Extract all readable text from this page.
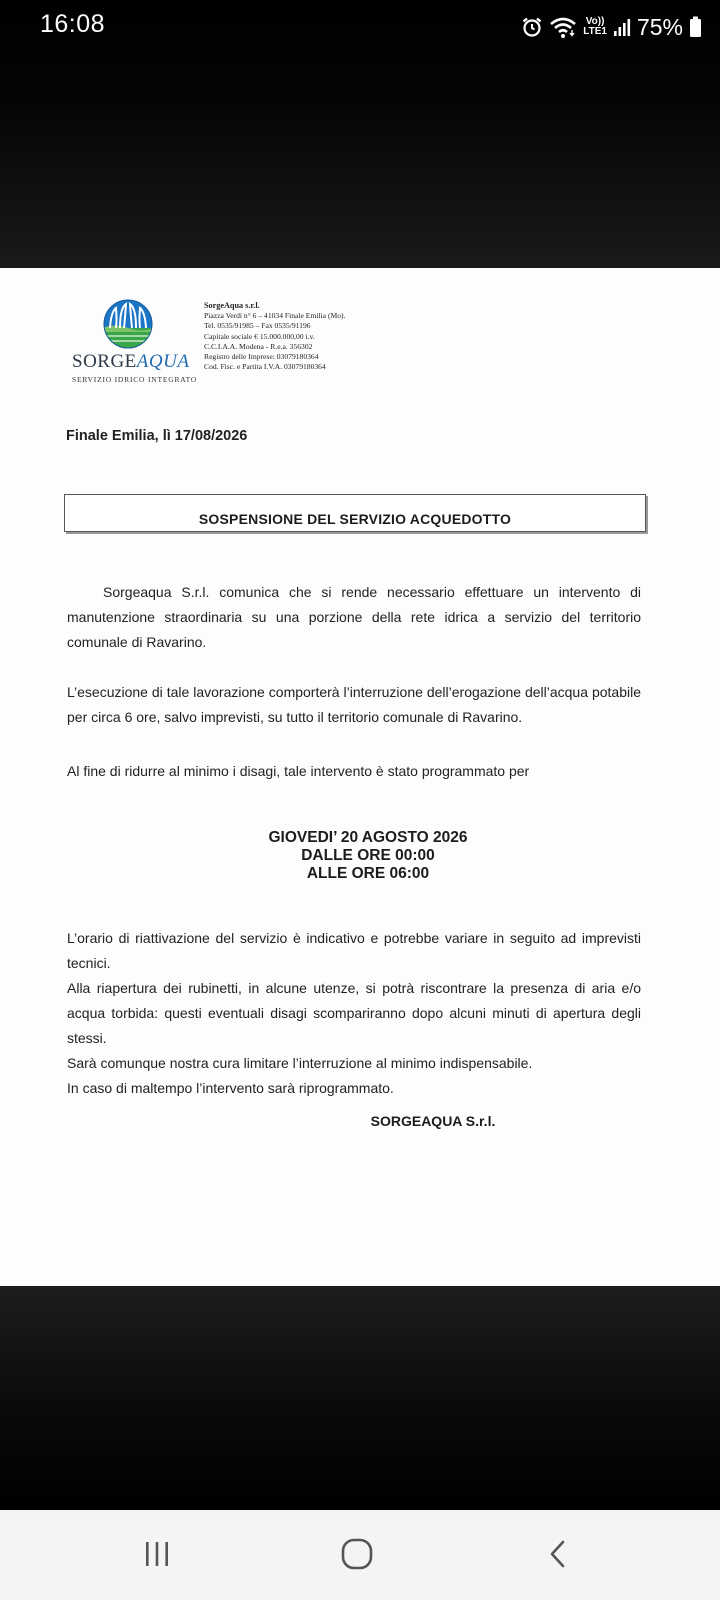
16:08	Vo))
LTE1 75%
SORGEAQUA
SERVIZIO IDRICO INTEGRATO
SorgeAqua s.r.l.
Piazza Verdi n° 6 – 41034 Finale Emilia (Mo).
Tel. 0535/91985 – Fax 0535/91196
Capitale sociale € 15.000.000,00 i.v.
C.C.I.A.A. Modena - R.e.a. 356302
Registro delle Imprese: 03079180364
Cod. Fisc. e Partita I.V.A. 03079180364
Finale Emilia, lì 17/08/2026
SOSPENSIONE DEL SERVIZIO ACQUEDOTTO
Sorgeaqua S.r.l. comunica che si rende necessario effettuare un intervento di manutenzione straordinaria su una porzione della rete idrica a servizio del territorio comunale di Ravarino.
L’esecuzione di tale lavorazione comporterà l’interruzione dell’erogazione dell’acqua potabile per circa 6 ore, salvo imprevisti, su tutto il territorio comunale di Ravarino.
Al fine di ridurre al minimo i disagi, tale intervento è stato programmato per
GIOVEDI’ 20 AGOSTO 2026
DALLE ORE 00:00
ALLE ORE 06:00
L’orario di riattivazione del servizio è indicativo e potrebbe variare in seguito ad imprevisti tecnici.
Alla riapertura dei rubinetti, in alcune utenze, si potrà riscontrare la presenza di aria e/o acqua torbida: questi eventuali disagi scompariranno dopo alcuni minuti di apertura degli stessi.
Sarà comunque nostra cura limitare l’interruzione al minimo indispensabile.
In caso di maltempo l’intervento sarà riprogrammato.
SORGEAQUA S.r.l.
